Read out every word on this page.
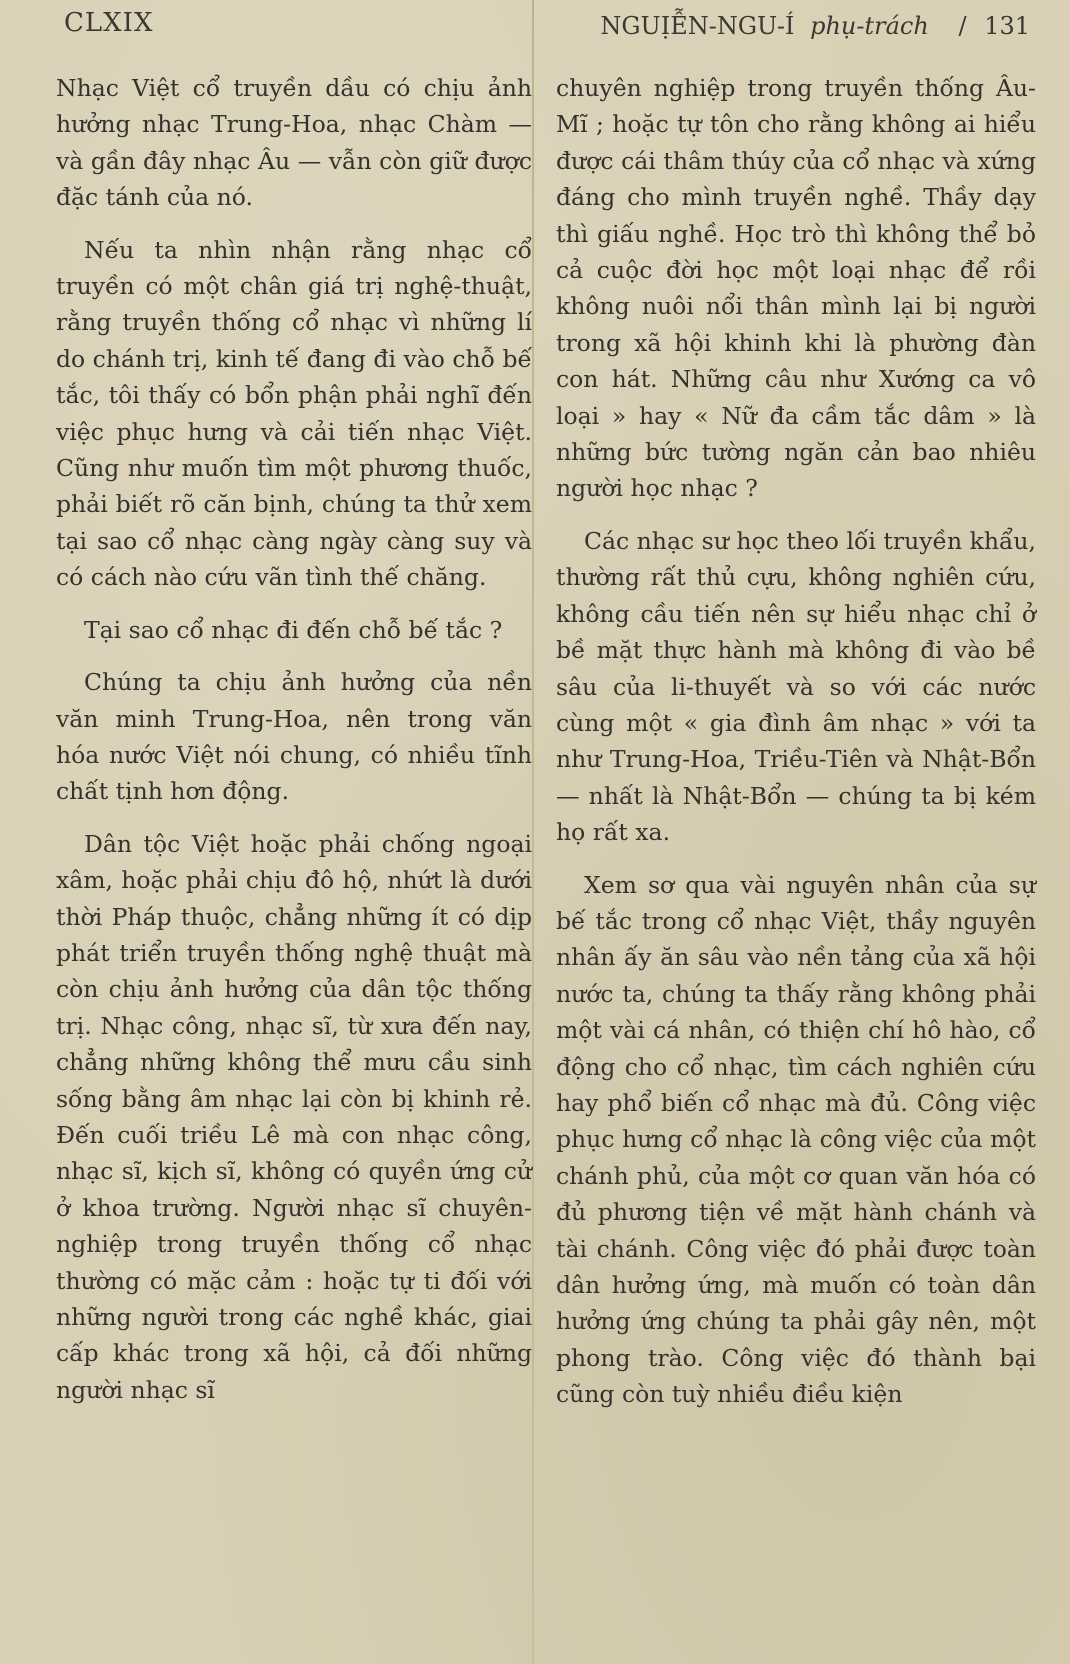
CLXIX	NGUỊỄN-NGU-Í phụ-trách / 131

Nhạc Việt cổ truyền dầu có chịu ảnh hưởng nhạc Trung-Hoa, nhạc Chàm — và gần đây nhạc Âu — vẫn còn giữ được đặc tánh của nó.

Nếu ta nhìn nhận rằng nhạc cổ truyền có một chân giá trị nghệ-thuật, rằng truyền thống cổ nhạc vì những lí do chánh trị, kinh tế đang đi vào chỗ bế tắc, tôi thấy có bổn phận phải nghĩ đến việc phục hưng và cải tiến nhạc Việt. Cũng như muốn tìm một phương thuốc, phải biết rõ căn bịnh, chúng ta thử xem tại sao cổ nhạc càng ngày càng suy và có cách nào cứu vãn tình thế chăng.

Tại sao cổ nhạc đi đến chỗ bế tắc ?

Chúng ta chịu ảnh hưởng của nền văn minh Trung-Hoa, nên trong văn hóa nước Việt nói chung, có nhiều tĩnh chất tịnh hơn động.

Dân tộc Việt hoặc phải chống ngoại xâm, hoặc phải chịu đô hộ, nhứt là dưới thời Pháp thuộc, chẳng những ít có dịp phát triển truyền thống nghệ thuật mà còn chịu ảnh hưởng của dân tộc thống trị. Nhạc công, nhạc sĩ, từ xưa đến nay, chẳng những không thể mưu cầu sinh sống bằng âm nhạc lại còn bị khinh rẻ. Đến cuối triều Lê mà con nhạc công, nhạc sĩ, kịch sĩ, không có quyền ứng cử ở khoa trường. Người nhạc sĩ chuyên-nghiệp trong truyền thống cổ nhạc thường có mặc cảm : hoặc tự ti đối với những người trong các nghề khác, giai cấp khác trong xã hội, cả đối những người nhạc sĩ

chuyên nghiệp trong truyền thống Âu-Mĩ ; hoặc tự tôn cho rằng không ai hiểu được cái thâm thúy của cổ nhạc và xứng đáng cho mình truyền nghề. Thầy dạy thì giấu nghề. Học trò thì không thể bỏ cả cuộc đời học một loại nhạc để rồi không nuôi nổi thân mình lại bị người trong xã hội khinh khi là phường đàn con hát. Những câu như Xướng ca vô loại » hay « Nữ đa cầm tắc dâm » là những bức tường ngăn cản bao nhiêu người học nhạc ?

Các nhạc sư học theo lối truyền khẩu, thường rất thủ cựu, không nghiên cứu, không cầu tiến nên sự hiểu nhạc chỉ ở bề mặt thực hành mà không đi vào bề sâu của li-thuyết và so với các nước cùng một « gia đình âm nhạc » với ta như Trung-Hoa, Triều-Tiên và Nhật-Bổn — nhất là Nhật-Bổn — chúng ta bị kém họ rất xa.

Xem sơ qua vài nguyên nhân của sự bế tắc trong cổ nhạc Việt, thầy nguyên nhân ấy ăn sâu vào nền tảng của xã hội nước ta, chúng ta thấy rằng không phải một vài cá nhân, có thiện chí hô hào, cổ động cho cổ nhạc, tìm cách nghiên cứu hay phổ biến cổ nhạc mà đủ. Công việc phục hưng cổ nhạc là công việc của một chánh phủ, của một cơ quan văn hóa có đủ phương tiện về mặt hành chánh và tài chánh. Công việc đó phải được toàn dân hưởng ứng, mà muốn có toàn dân hưởng ứng chúng ta phải gây nên, một phong trào. Công việc đó thành bại cũng còn tuỳ nhiều điều kiện
